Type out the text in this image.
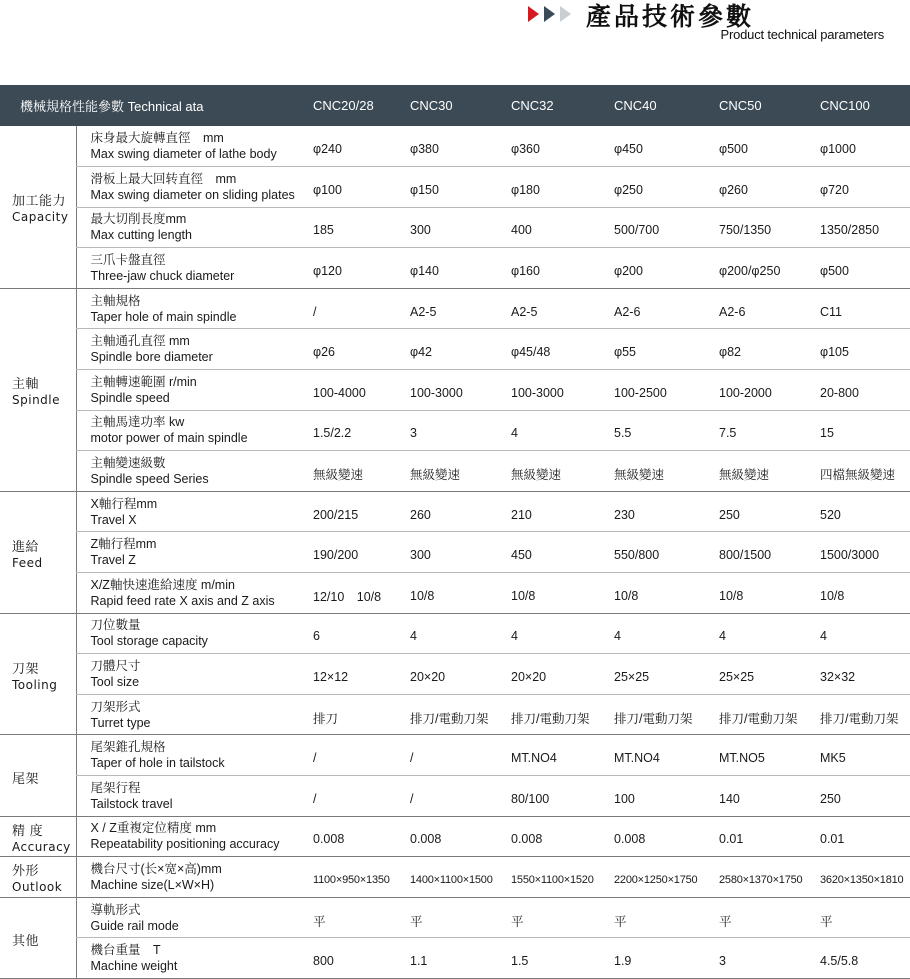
產品技術參數
Product technical parameters
機械規格性能參數 Technical ata		CNC20/28	CNC30	CNC32	CNC40	CNC50	CNC100

加工能力
Capacity	床身最大旋轉直徑　mm
Max swing diameter of lathe body	φ240	φ380	φ360	φ450	φ500	φ1000

	滑板上最大回转直徑　mm
Max swing diameter on sliding plates	φ100	φ150	φ180	φ250	φ260	φ720

	最大切削長度mm
Max cutting length	185	300	400	500/700	750/1350	1350/2850

	三爪卡盤直徑
Three-jaw chuck diameter	φ120	φ140	φ160	φ200	φ200/φ250	φ500

主軸
Spindle	主軸規格
Taper hole of main spindle	/	A2-5	A2-5	A2-6	A2-6	C11

	主軸通孔直徑 mm
Spindle bore diameter	φ26	φ42	φ45/48	φ55	φ82	φ105

	主軸轉速範圍 r/min
Spindle speed	100-4000	100-3000	100-3000	100-2500	100-2000	20-800

	主軸馬達功率 kw
motor power of main spindle	1.5/2.2	3	4	5.5	7.5	15

	主軸變速級數
Spindle speed Series	無級變速	無級變速	無級變速	無級變速	無級變速	四檔無級變速

進給
Feed	X軸行程mm
Travel X	200/215	260	210	230	250	520

	Z軸行程mm
Travel Z	190/200	300	450	550/800	800/1500	1500/3000

	X/Z軸快速進給速度 m/min
Rapid feed rate X axis and Z axis	12/10　10/8	10/8	10/8	10/8	10/8	10/8

刀架
Tooling	刀位數量
Tool storage capacity	6	4	4	4	4	4

	刀體尺寸
Tool size	12×12	20×20	20×20	25×25	25×25	32×32

	刀架形式
Turret type	排刀	排刀/電動刀架	排刀/電動刀架	排刀/電動刀架	排刀/電動刀架	排刀/電動刀架

尾架	尾架錐孔規格
Taper of hole in tailstock	/	/	MT.NO4	MT.NO4	MT.NO5	MK5

	尾架行程
Tailstock travel	/	/	80/100	100	140	250

精 度
Accuracy	X / Z重複定位精度 mm
Repeatability positioning accuracy	0.008	0.008	0.008	0.008	0.01	0.01

外形
Outlook	機台尺寸(长×宽×高)mm
Machine size(L×W×H)	1100×950×1350	1400×1100×1500	1550×1100×1520	2200×1250×1750	2580×1370×1750	3620×1350×1810

其他	導軌形式
Guide rail mode	平	平	平	平	平	平

	機台重量　T
Machine weight	800	1.1	1.5	1.9	3	4.5/5.8
